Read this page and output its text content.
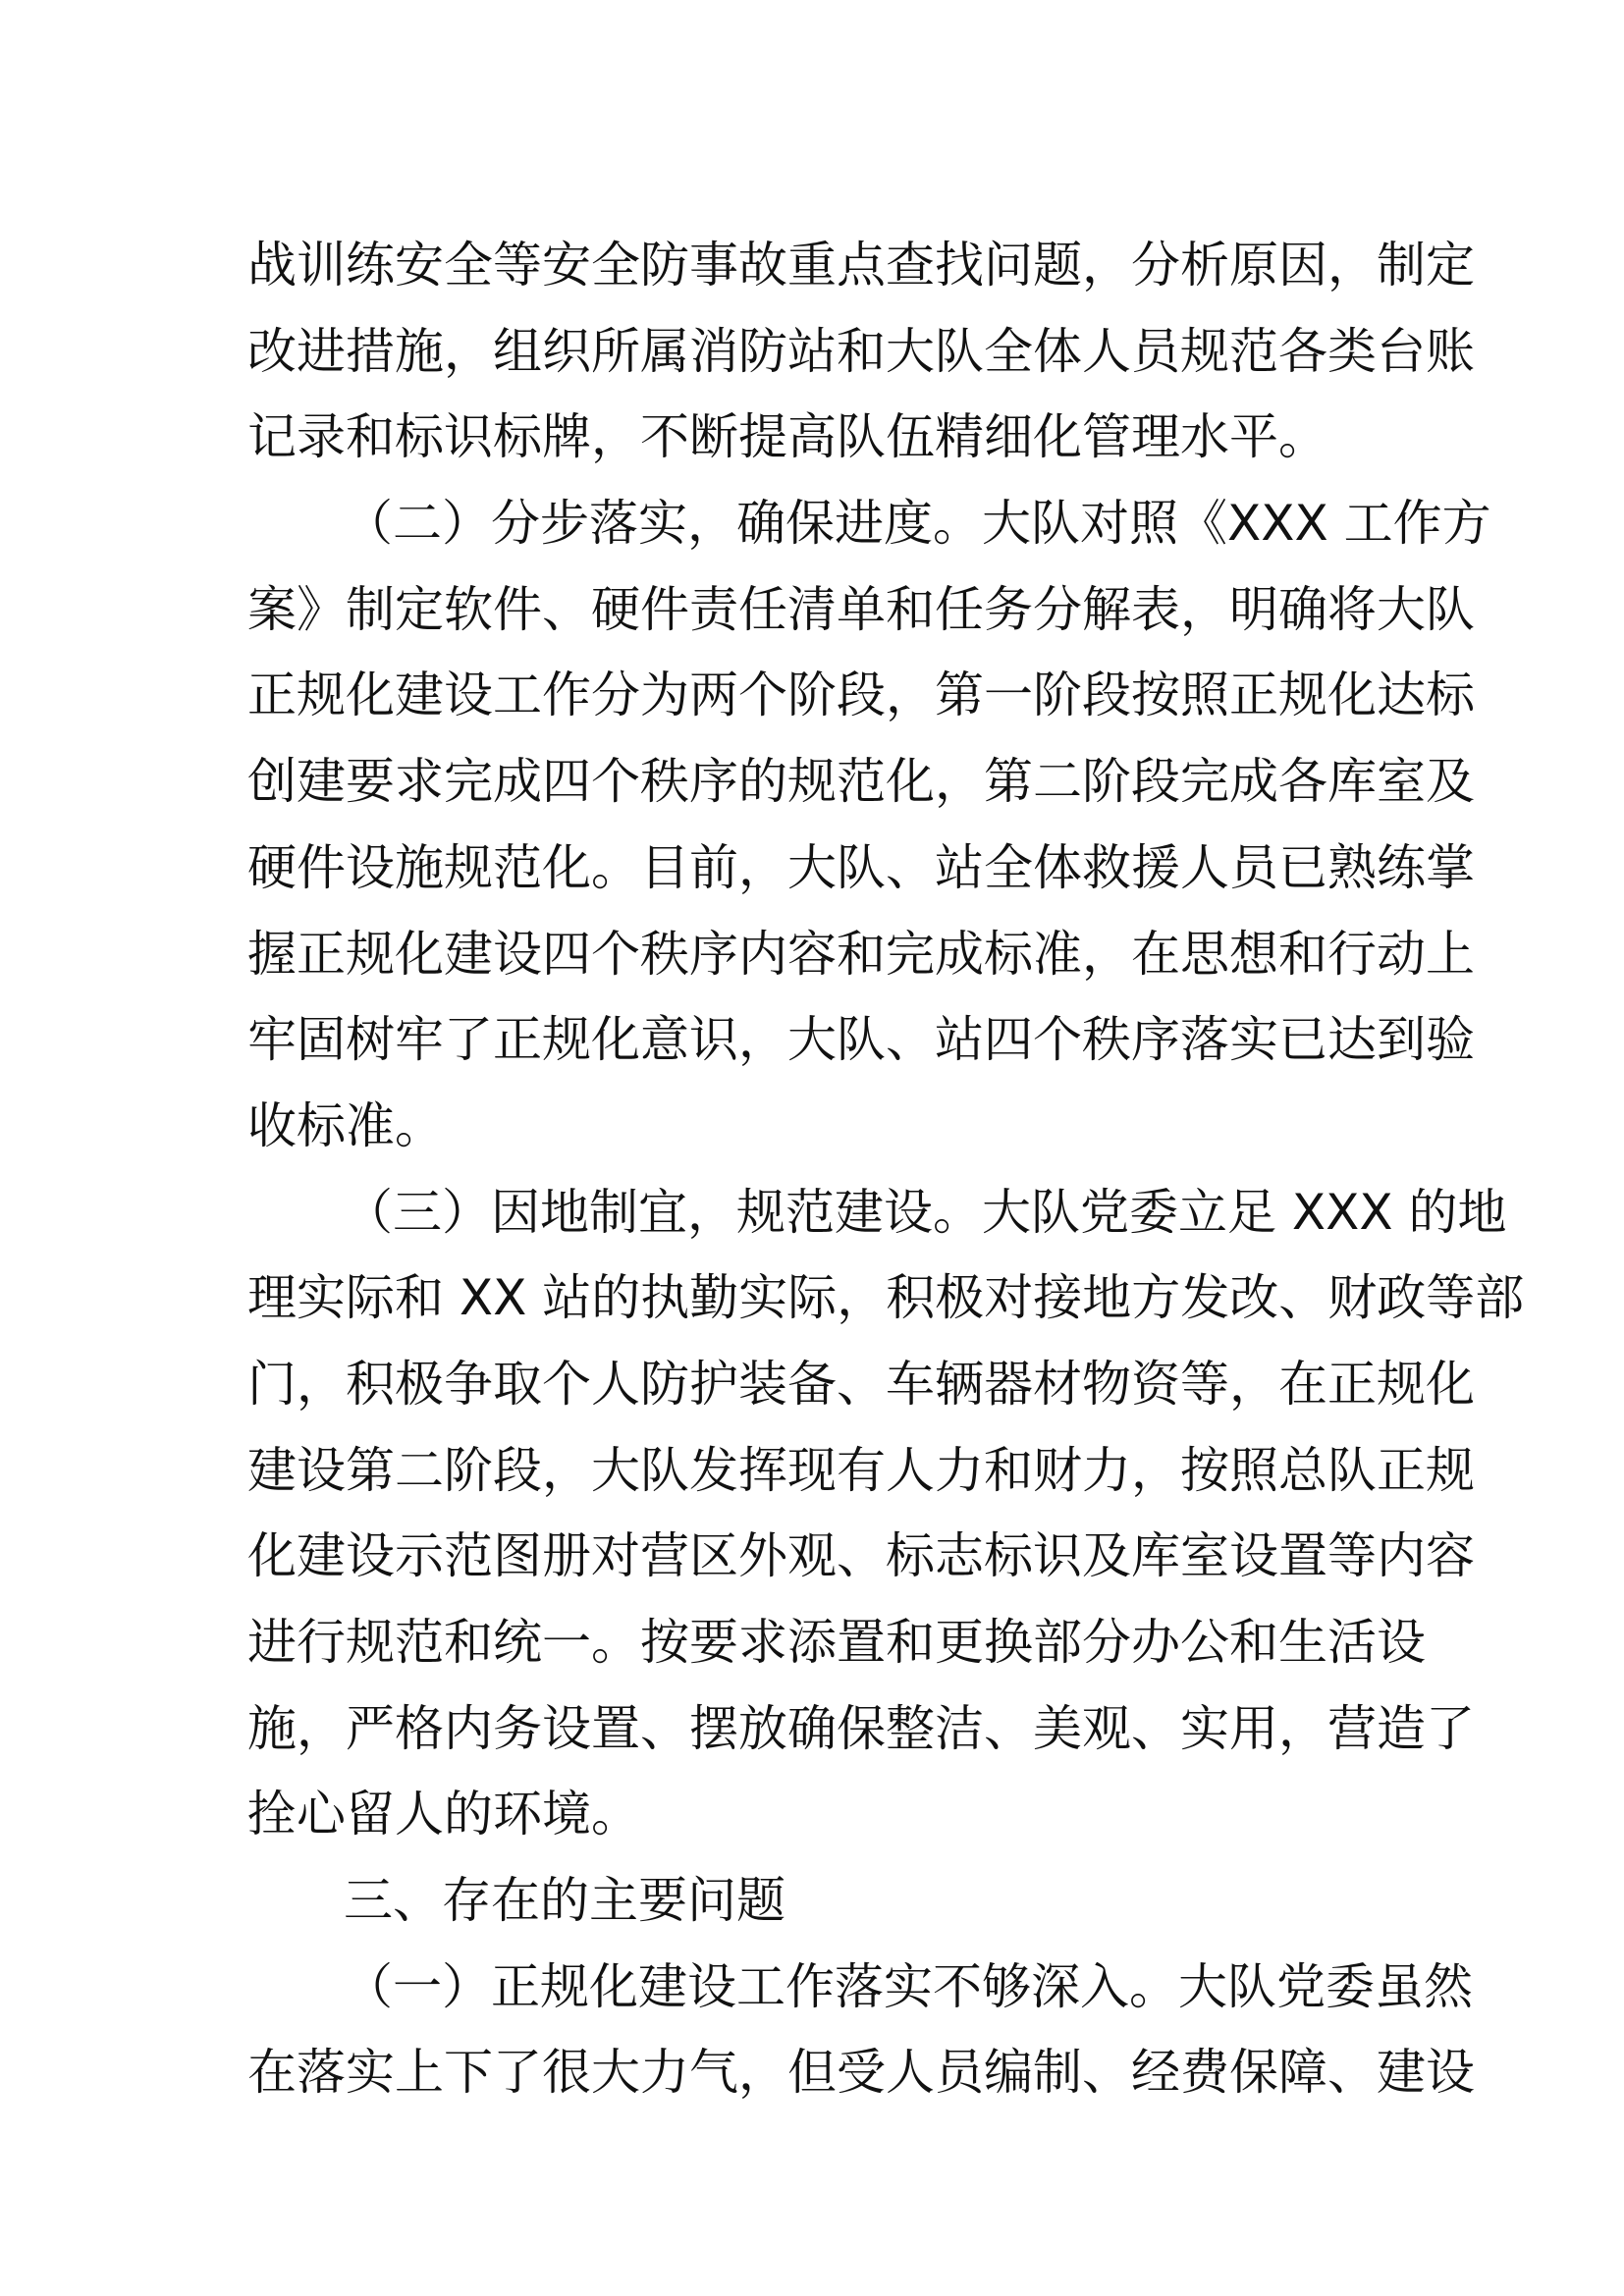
战训练安全等安全防事故重点查找问题，分析原因，制定
改进措施，组织所属消防站和大队全体人员规范各类台账
记录和标识标牌，不断提高队伍精细化管理水平。
（二）分步落实，确保进度。大队对照《XXX 工作方
案》制定软件、硬件责任清单和任务分解表，明确将大队
正规化建设工作分为两个阶段，第一阶段按照正规化达标
创建要求完成四个秩序的规范化，第二阶段完成各库室及
硬件设施规范化。目前，大队、站全体救援人员已熟练掌
握正规化建设四个秩序内容和完成标准，在思想和行动上
牢固树牢了正规化意识，大队、站四个秩序落实已达到验
收标准。
（三）因地制宜，规范建设。大队党委立足 XXX 的地
理实际和 XX 站的执勤实际，积极对接地方发改、财政等部
门，积极争取个人防护装备、车辆器材物资等，在正规化
建设第二阶段，大队发挥现有人力和财力，按照总队正规
化建设示范图册对营区外观、标志标识及库室设置等内容
进行规范和统一。按要求添置和更换部分办公和生活设
施，严格内务设置、摆放确保整洁、美观、实用，营造了
拴心留人的环境。
三、存在的主要问题
（一）正规化建设工作落实不够深入。大队党委虽然
在落实上下了很大力气，但受人员编制、经费保障、建设
